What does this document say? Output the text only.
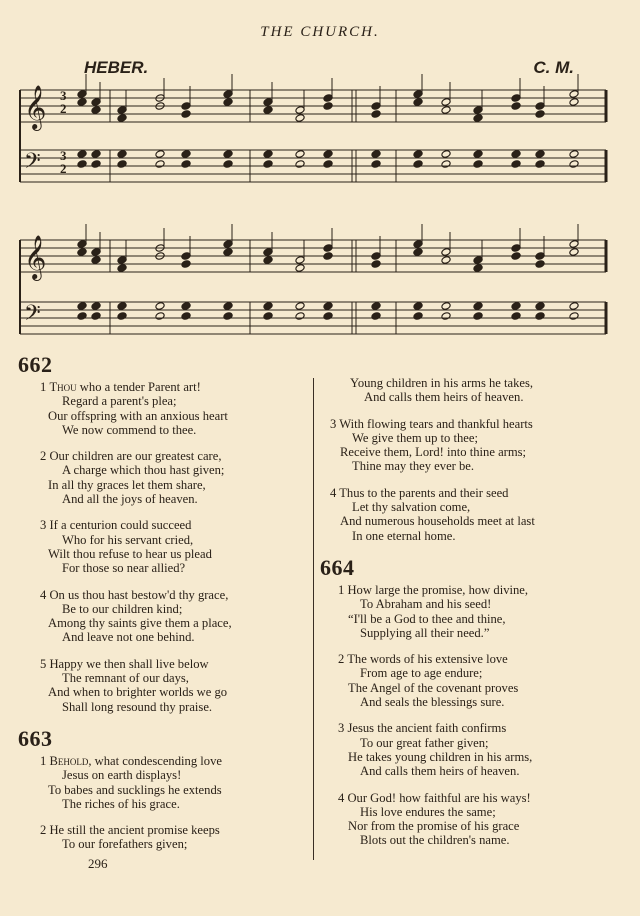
THE CHURCH.
HEBER.	C. M.
𝄞
𝄢
𝄞
𝄢
3
3
2
2
662
1 Thou who a tender Parent art!
Regard a parent's plea;
Our offspring with an anxious heart
We now commend to thee.
2 Our children are our greatest care,
A charge which thou hast given;
In all thy graces let them share,
And all the joys of heaven.
3 If a centurion could succeed
Who for his servant cried,
Wilt thou refuse to hear us plead
For those so near allied?
4 On us thou hast bestow'd thy grace,
Be to our children kind;
Among thy saints give them a place,
And leave not one behind.
5 Happy we then shall live below
The remnant of our days,
And when to brighter worlds we go
Shall long resound thy praise.
663
1 Behold, what condescending love
Jesus on earth displays!
To babes and sucklings he extends
The riches of his grace.
2 He still the ancient promise keeps
To our forefathers given;
296
Young children in his arms he takes,
And calls them heirs of heaven.
3 With flowing tears and thankful hearts
We give them up to thee;
Receive them, Lord! into thine arms;
Thine may they ever be.
4 Thus to the parents and their seed
Let thy salvation come,
And numerous households meet at last
In one eternal home.
664
1 How large the promise, how divine,
To Abraham and his seed!
“I'll be a God to thee and thine,
Supplying all their need.”
2 The words of his extensive love
From age to age endure;
The Angel of the covenant proves
And seals the blessings sure.
3 Jesus the ancient faith confirms
To our great father given;
He takes young children in his arms,
And calls them heirs of heaven.
4 Our God! how faithful are his ways!
His love endures the same;
Nor from the promise of his grace
Blots out the children's name.
